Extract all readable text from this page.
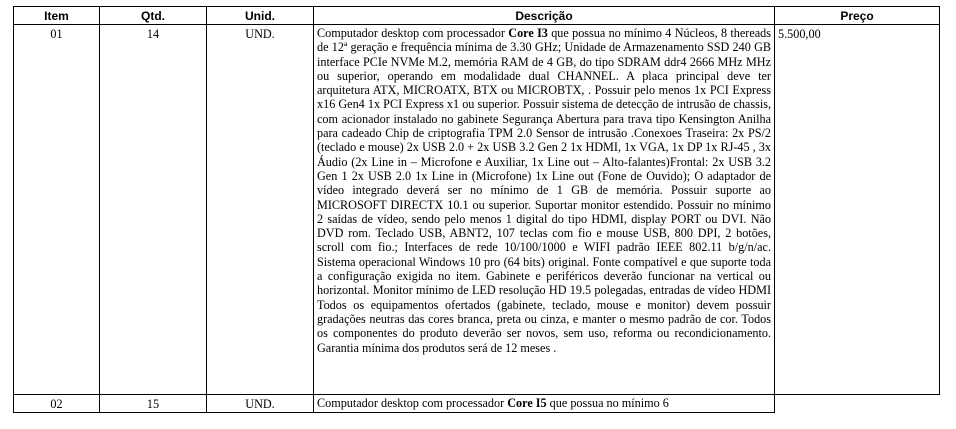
Item	Qtd.	Unid.	Descrição	Preço
01	14	UND.	Computador desktop com processador Core I3 que possua no mínimo 4 Núcleos, 8 thereads de 12ª geração e frequência mínima de 3.30 GHz; Unidade de Armazenamento SSD 240 GB interface PCIe NVMe M.2, memória RAM de 4 GB, do tipo SDRAM ddr4 2666 MHz MHz ou superior, operando em modalidade dual CHANNEL. A placa principal deve ter arquitetura ATX, MICROATX, BTX ou MICROBTX, . Possuir pelo menos 1x PCI Express x16 Gen4 1x PCI Express x1 ou superior. Possuir sistema de detecção de intrusão de chassis, com acionador instalado no gabinete Segurança Abertura para trava tipo Kensington Anilha para cadeado Chip de criptografia TPM 2.0 Sensor de intrusão .Conexoes Traseira: 2x PS/2 (teclado e mouse) 2x USB 2.0 + 2x USB 3.2 Gen 2 1x HDMI, 1x VGA, 1x DP 1x RJ-45 , 3x Áudio (2x Line in – Microfone e Auxiliar, 1x Line out – Alto-falantes)Frontal: 2x USB 3.2 Gen 1 2x USB 2.0 1x Line in (Microfone) 1x Line out (Fone de Ouvido); O adaptador de vídeo integrado deverá ser no mínimo de 1 GB de memória. Possuir suporte ao MICROSOFT DIRECTX 10.1 ou superior. Suportar monitor estendido. Possuir no mínimo 2 saídas de vídeo, sendo pelo menos 1 digital do tipo HDMI, display PORT ou DVI. Não DVD rom. Teclado USB, ABNT2, 107 teclas com fio e mouse USB, 800 DPI, 2 botões, scroll com fio.; Interfaces de rede 10/100/1000 e WIFI padrão IEEE 802.11 b/g/n/ac. Sistema operacional Windows 10 pro (64 bits) original. Fonte compatível e que suporte toda a configuração exigida no item. Gabinete e periféricos deverão funcionar na vertical ou horizontal. Monitor mínimo de LED resolução HD 19.5 polegadas, entradas de vídeo HDMI Todos os equipamentos ofertados (gabinete, teclado, mouse e monitor) devem possuir gradações neutras das cores branca, preta ou cinza, e manter o mesmo padrão de cor. Todos os componentes do produto deverão ser novos, sem uso, reforma ou recondicionamento. Garantia mínima dos produtos será de 12 meses .	5.500,00
02	15	UND.	Computador desktop com processador Core I5 que possua no mínimo 6	
